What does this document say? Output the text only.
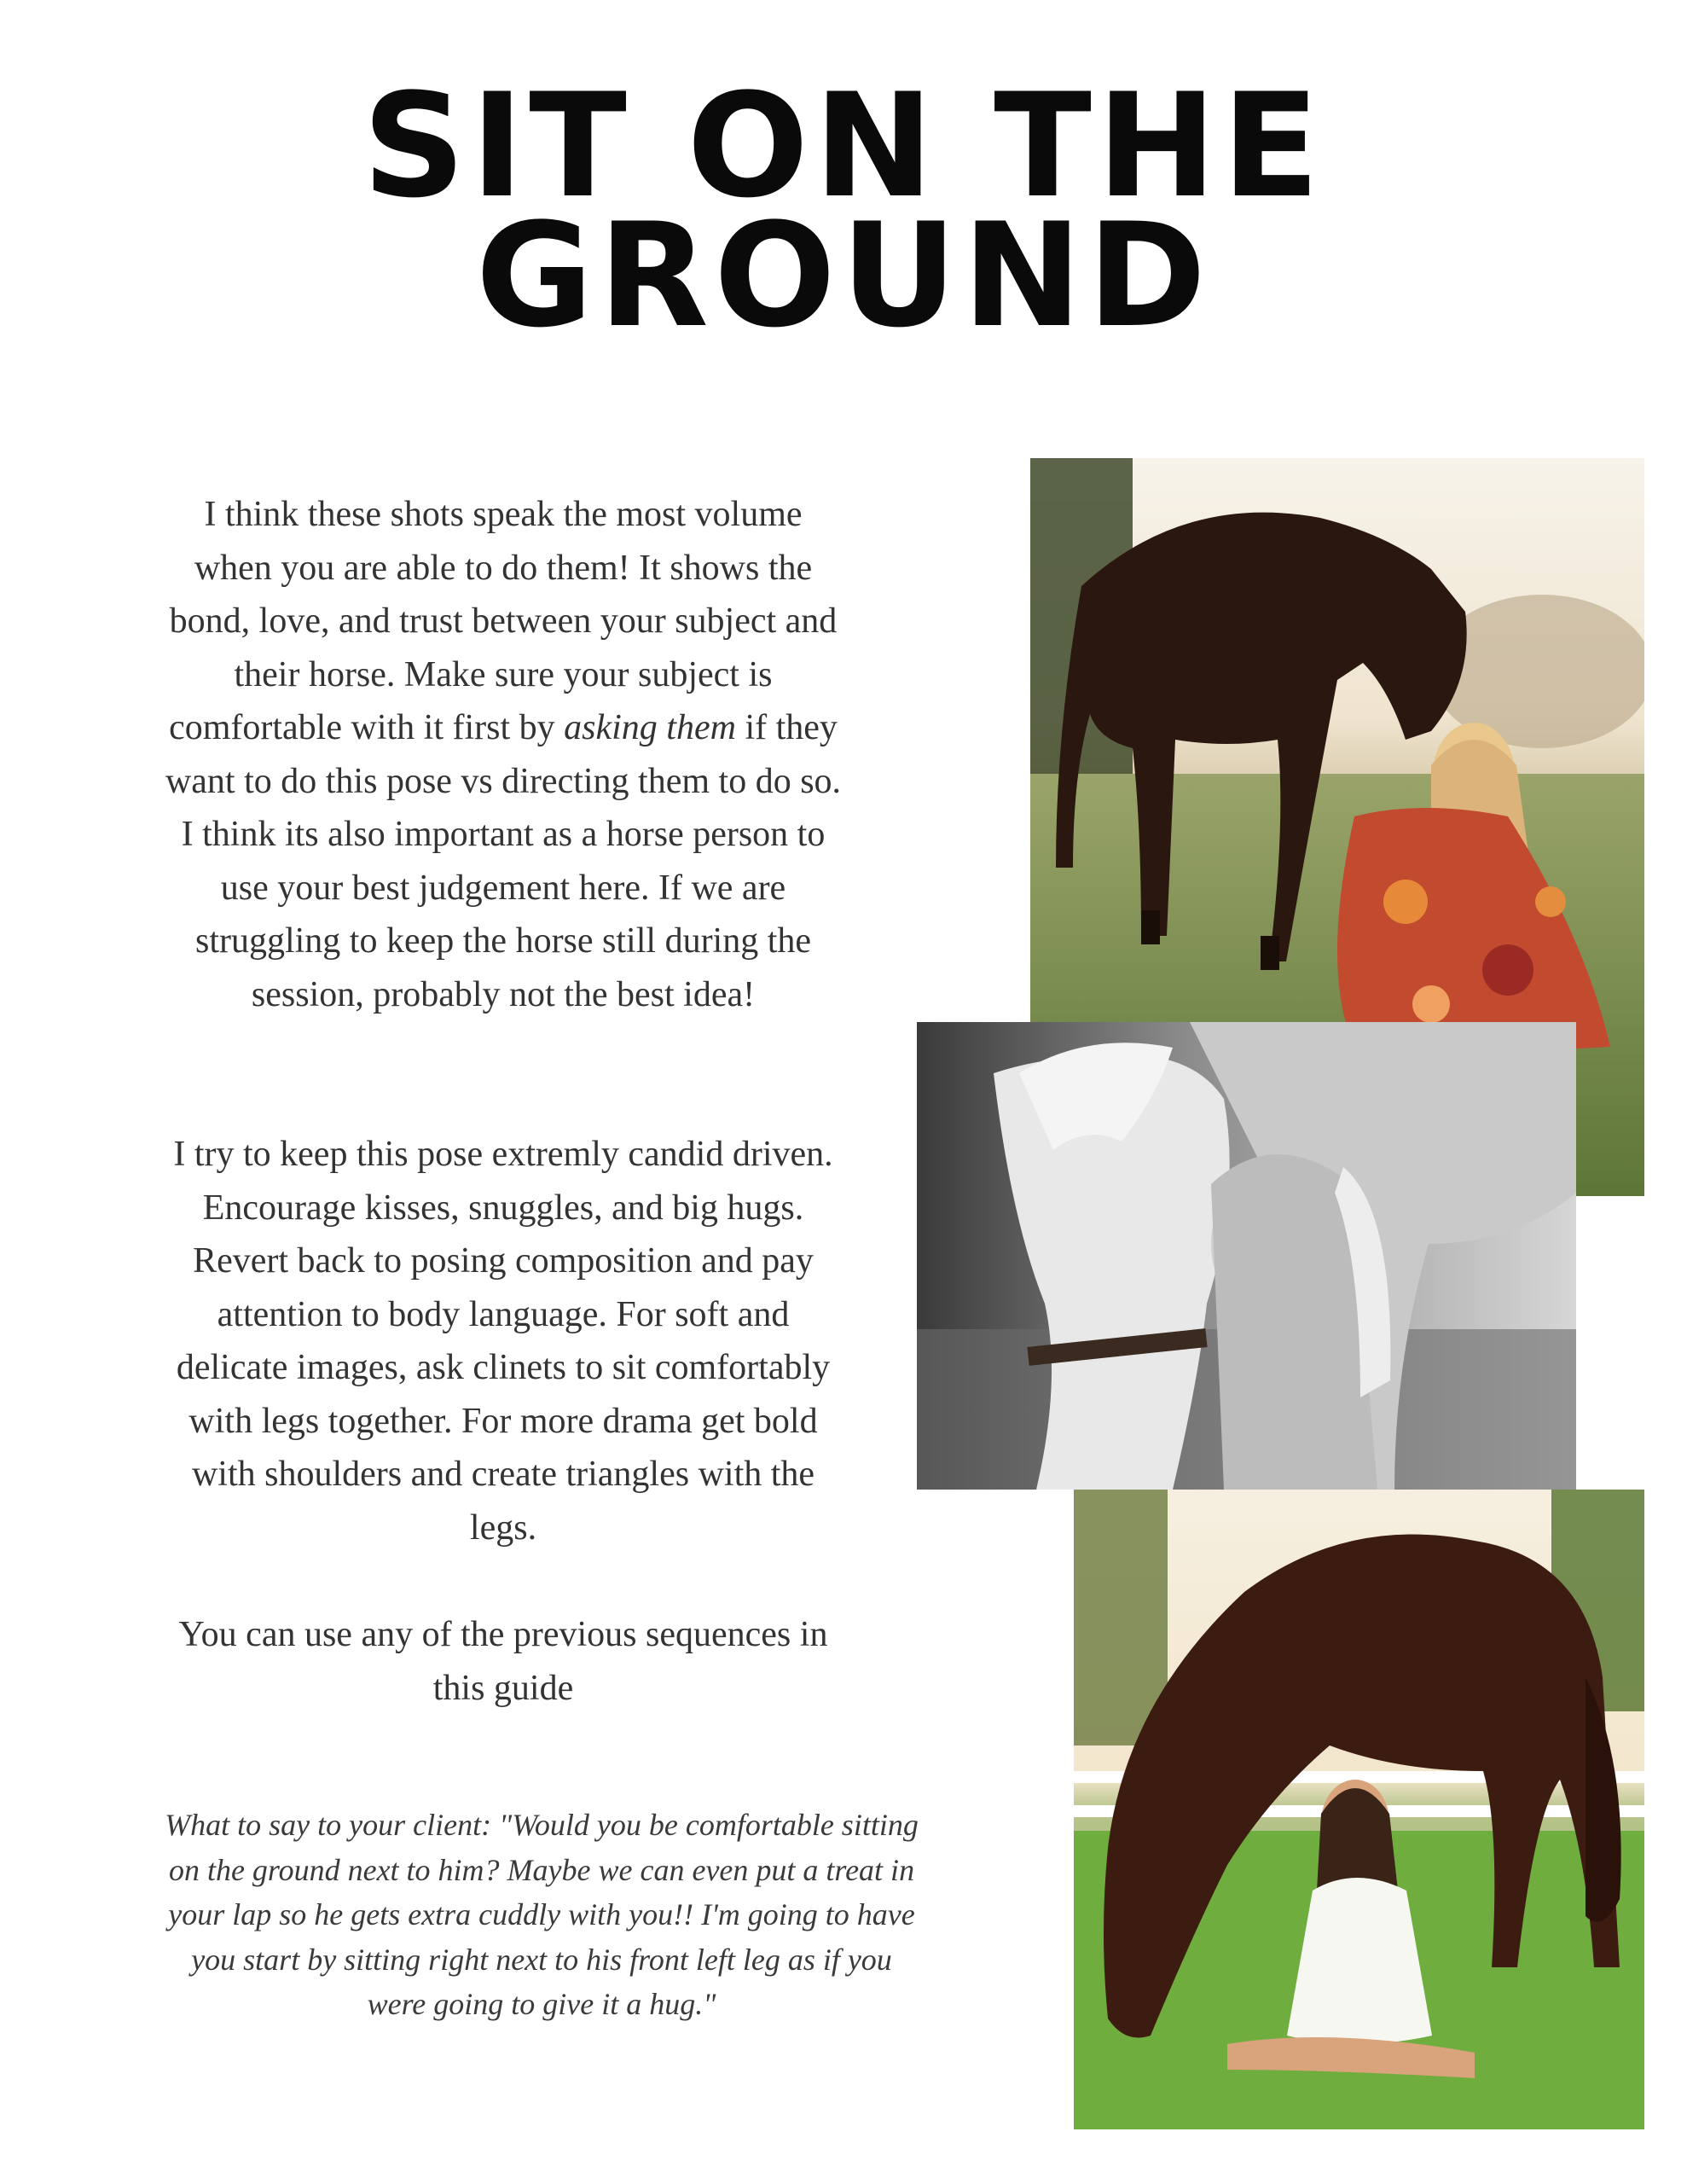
SIT ON THE
GROUND

I think these shots speak the most volume when you are able to do them! It shows the bond, love, and trust between your subject and their horse. Make sure your subject is comfortable with it first by asking them if they want to do this pose vs directing them to do so. I think its also important as a horse person to use your best judgement here. If we are struggling to keep the horse still during the session, probably not the best idea!

I try to keep this pose extremly candid driven. Encourage kisses, snuggles, and big hugs. Revert back to posing composition and pay attention to body language. For soft and delicate images, ask clinets to sit comfortably with legs together. For more drama get bold with shoulders and create triangles with the legs.

You can use any of the previous sequences in this guide

What to say to your client: "Would you be comfortable sitting on the ground next to him? Maybe we can even put a treat in your lap so he gets extra cuddly with you!! I'm going to have you start by sitting right next to his front left leg as if you were going to give it a hug."
